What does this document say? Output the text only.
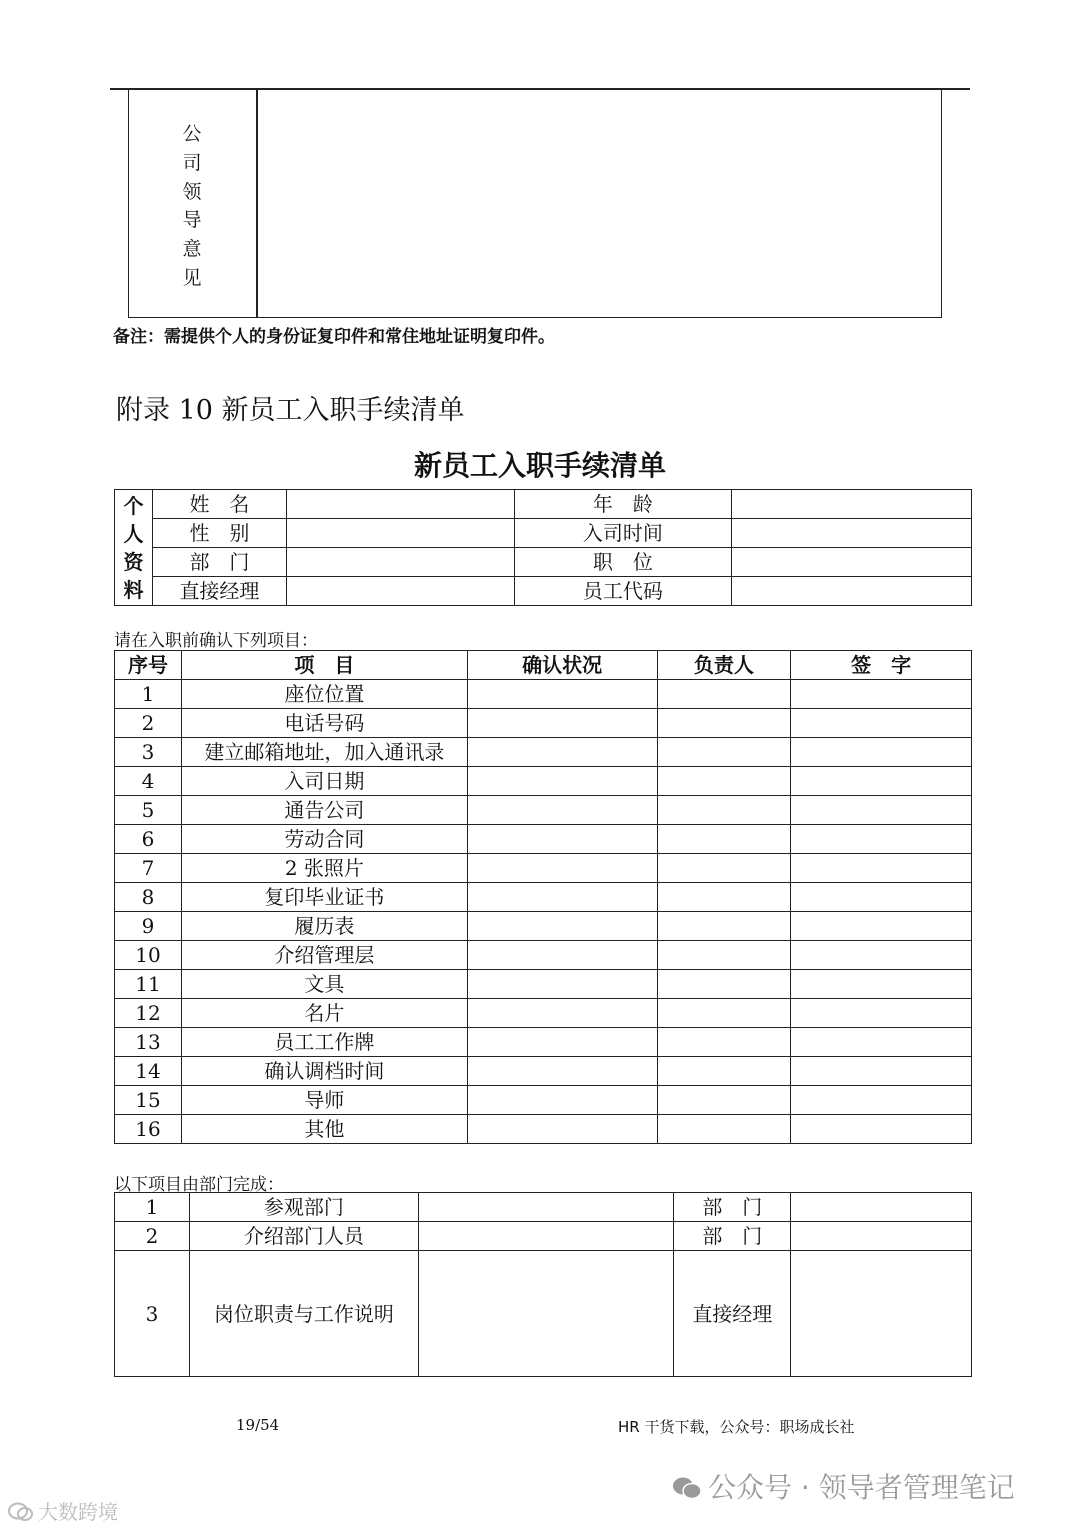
公司领导意见
备注：需提供个人的身份证复印件和常住地址证明复印件。
附录 10 新员工入职手续清单
新员工入职手续清单
个人资料	姓　名		年　龄	
	性　别		入司时间	
	部　门		职　位	
	直接经理		员工代码	
请在入职前确认下列项目：
序号	项　目	确认状况	负责人	签　字
1	座位位置			
2	电话号码			
3	建立邮箱地址，加入通讯录			
4	入司日期			
5	通告公司			
6	劳动合同			
7	2 张照片			
8	复印毕业证书			
9	履历表			
10	介绍管理层			
11	文具			
12	名片			
13	员工工作牌			
14	确认调档时间			
15	导师			
16	其他			
以下项目由部门完成：
1	参观部门		部　门	
2	介绍部门人员		部　门	
3	岗位职责与工作说明		直接经理	
19/54	HR 干货下载，公众号：职场成长社
公众号 · 领导者管理笔记
大数跨境
